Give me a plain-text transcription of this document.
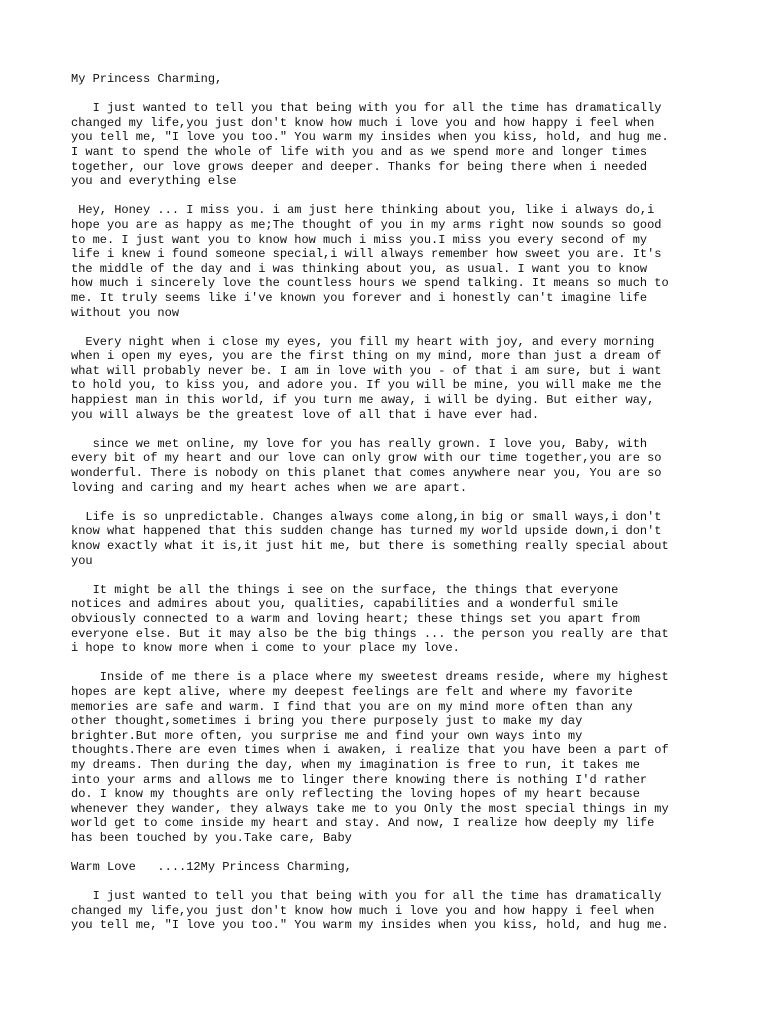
My Princess Charming,
I just wanted to tell you that being with you for all the time has dramatically
changed my life,you just don't know how much i love you and how happy i feel when
you tell me, "I love you too." You warm my insides when you kiss, hold, and hug me.
I want to spend the whole of life with you and as we spend more and longer times
together, our love grows deeper and deeper. Thanks for being there when i needed
you and everything else
Hey, Honey ... I miss you. i am just here thinking about you, like i always do,i
hope you are as happy as me;The thought of you in my arms right now sounds so good
to me. I just want you to know how much i miss you.I miss you every second of my
life i knew i found someone special,i will always remember how sweet you are. It's
the middle of the day and i was thinking about you, as usual. I want you to know
how much i sincerely love the countless hours we spend talking. It means so much to
me. It truly seems like i've known you forever and i honestly can't imagine life
without you now
Every night when i close my eyes, you fill my heart with joy, and every morning
when i open my eyes, you are the first thing on my mind, more than just a dream of
what will probably never be. I am in love with you - of that i am sure, but i want
to hold you, to kiss you, and adore you. If you will be mine, you will make me the
happiest man in this world, if you turn me away, i will be dying. But either way,
you will always be the greatest love of all that i have ever had.
since we met online, my love for you has really grown. I love you, Baby, with
every bit of my heart and our love can only grow with our time together,you are so
wonderful. There is nobody on this planet that comes anywhere near you, You are so
loving and caring and my heart aches when we are apart.
Life is so unpredictable. Changes always come along,in big or small ways,i don't
know what happened that this sudden change has turned my world upside down,i don't
know exactly what it is,it just hit me, but there is something really special about
you
It might be all the things i see on the surface, the things that everyone
notices and admires about you, qualities, capabilities and a wonderful smile
obviously connected to a warm and loving heart; these things set you apart from
everyone else. But it may also be the big things ... the person you really are that
i hope to know more when i come to your place my love.
Inside of me there is a place where my sweetest dreams reside, where my highest
hopes are kept alive, where my deepest feelings are felt and where my favorite
memories are safe and warm. I find that you are on my mind more often than any
other thought,sometimes i bring you there purposely just to make my day
brighter.But more often, you surprise me and find your own ways into my
thoughts.There are even times when i awaken, i realize that you have been a part of
my dreams. Then during the day, when my imagination is free to run, it takes me
into your arms and allows me to linger there knowing there is nothing I'd rather
do. I know my thoughts are only reflecting the loving hopes of my heart because
whenever they wander, they always take me to you Only the most special things in my
world get to come inside my heart and stay. And now, I realize how deeply my life
has been touched by you.Take care, Baby
Warm Love   ....12My Princess Charming,
I just wanted to tell you that being with you for all the time has dramatically
changed my life,you just don't know how much i love you and how happy i feel when
you tell me, "I love you too." You warm my insides when you kiss, hold, and hug me.
